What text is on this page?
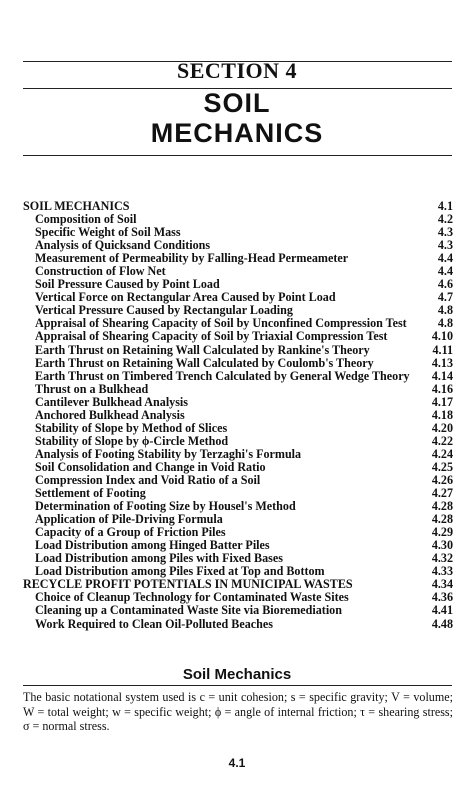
SECTION 4
SOIL
MECHANICS
SOIL MECHANICS	4.1
Composition of Soil	4.2
Specific Weight of Soil Mass	4.3
Analysis of Quicksand Conditions	4.3
Measurement of Permeability by Falling-Head Permeameter	4.4
Construction of Flow Net	4.4
Soil Pressure Caused by Point Load	4.6
Vertical Force on Rectangular Area Caused by Point Load	4.7
Vertical Pressure Caused by Rectangular Loading	4.8
Appraisal of Shearing Capacity of Soil by Unconfined Compression Test	4.8
Appraisal of Shearing Capacity of Soil by Triaxial Compression Test	4.10
Earth Thrust on Retaining Wall Calculated by Rankine's Theory	4.11
Earth Thrust on Retaining Wall Calculated by Coulomb's Theory	4.13
Earth Thrust on Timbered Trench Calculated by General Wedge Theory	4.14
Thrust on a Bulkhead	4.16
Cantilever Bulkhead Analysis	4.17
Anchored Bulkhead Analysis	4.18
Stability of Slope by Method of Slices	4.20
Stability of Slope by ϕ-Circle Method	4.22
Analysis of Footing Stability by Terzaghi's Formula	4.24
Soil Consolidation and Change in Void Ratio	4.25
Compression Index and Void Ratio of a Soil	4.26
Settlement of Footing	4.27
Determination of Footing Size by Housel's Method	4.28
Application of Pile-Driving Formula	4.28
Capacity of a Group of Friction Piles	4.29
Load Distribution among Hinged Batter Piles	4.30
Load Distribution among Piles with Fixed Bases	4.32
Load Distribution among Piles Fixed at Top and Bottom	4.33
RECYCLE PROFIT POTENTIALS IN MUNICIPAL WASTES	4.34
Choice of Cleanup Technology for Contaminated Waste Sites	4.36
Cleaning up a Contaminated Waste Site via Bioremediation	4.41
Work Required to Clean Oil-Polluted Beaches	4.48
Soil Mechanics

The basic notational system used is c = unit cohesion; s = specific gravity; V = volume; W = total weight; w = specific weight; ϕ = angle of internal friction; τ = shearing stress; σ = normal stress.

4.1
